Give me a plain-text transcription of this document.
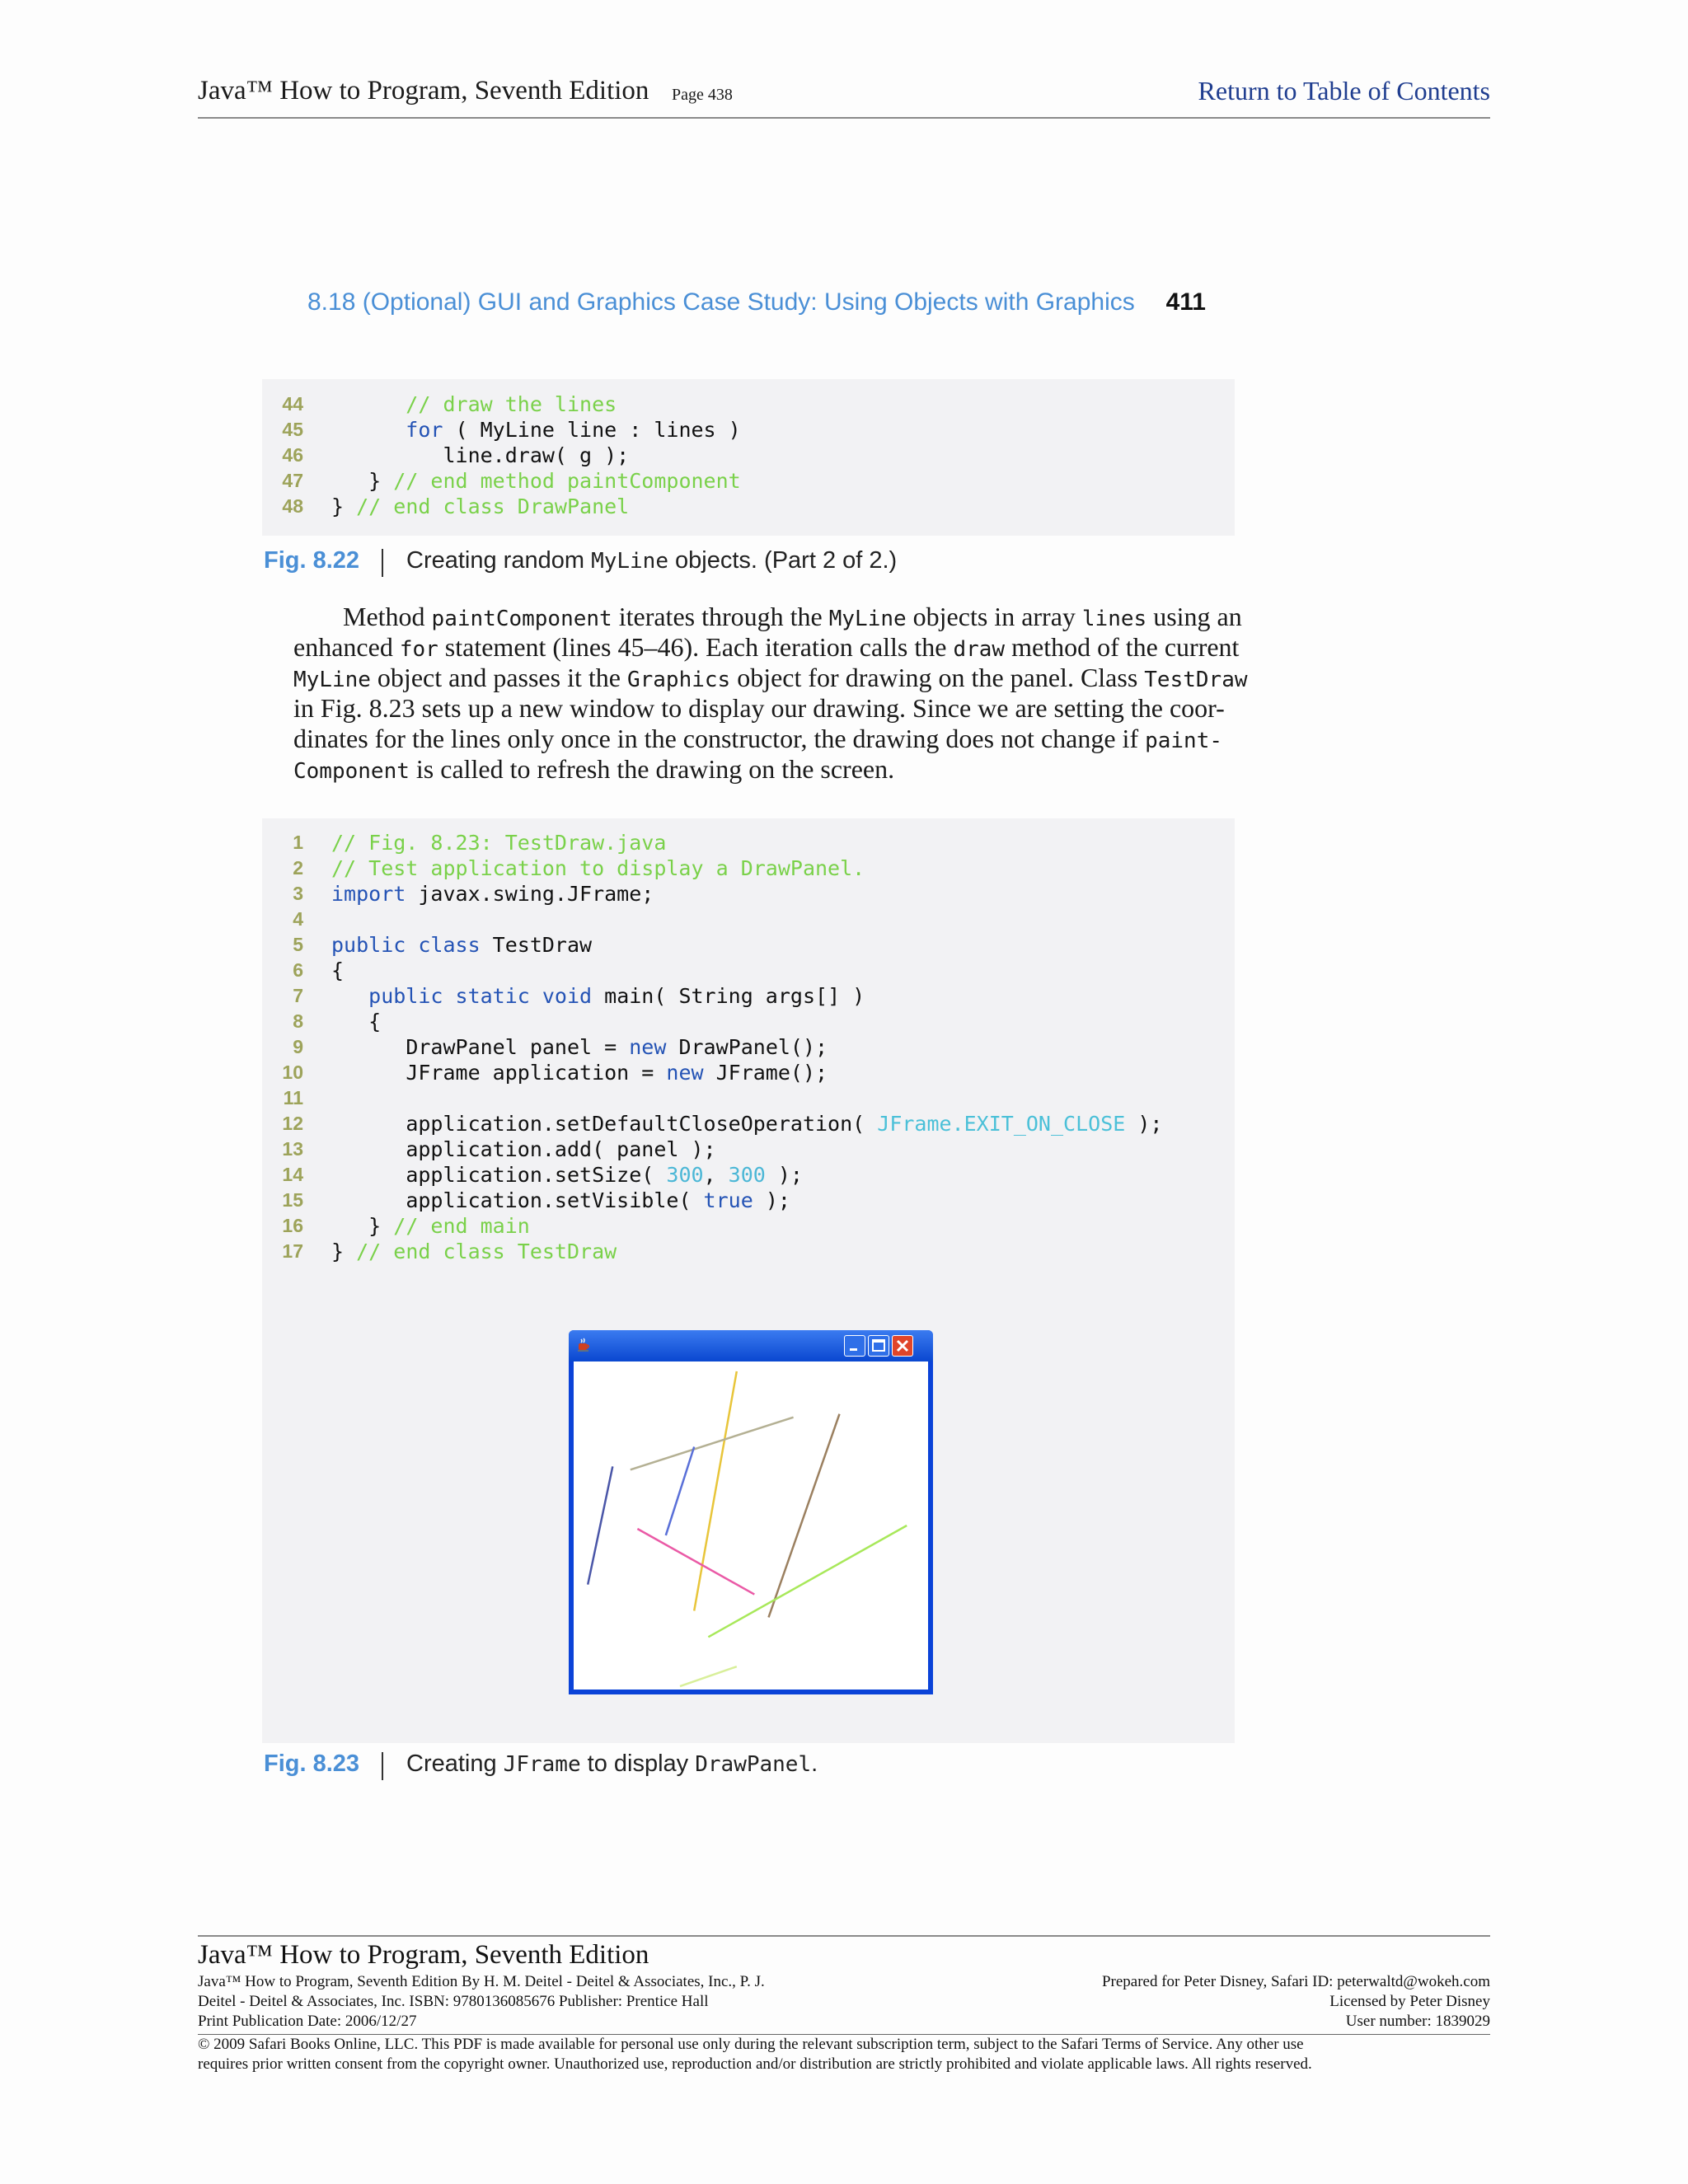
Java™ How to Program, Seventh Edition Page 438	Return to Table of Contents
8.18 (Optional) GUI and Graphics Case Study: Using Objects with Graphics 411
44 // draw the lines
45 for ( MyLine line : lines )
46 line.draw( g );
47 } // end method paintComponent
48 } // end class DrawPanel
Fig. 8.22 Creating random MyLine objects. (Part 2 of 2.)
Method paintComponent iterates through the MyLine objects in array lines using an
enhanced for statement (lines 45–46). Each iteration calls the draw method of the current
MyLine object and passes it the Graphics object for drawing on the panel. Class TestDraw
in Fig. 8.23 sets up a new window to display our drawing. Since we are setting the coor-
dinates for the lines only once in the constructor, the drawing does not change if paint-
Component is called to refresh the drawing on the screen.
1 // Fig. 8.23: TestDraw.java
2 // Test application to display a DrawPanel.
3 import javax.swing.JFrame;
4
5 public class TestDraw
6 {
7	public static void main( String args[] )
8	{
9	DrawPanel panel = new DrawPanel();
10	JFrame application = new JFrame();
11
12	application.setDefaultCloseOperation( JFrame.EXIT_ON_CLOSE );
13	application.add( panel );
14	application.setSize( 300, 300 );
15	application.setVisible( true );
16	} // end main
17 } // end class TestDraw
Fig. 8.23 Creating JFrame to display DrawPanel.
Java™ How to Program, Seventh Edition
Java™ How to Program, Seventh Edition By H. M. Deitel - Deitel & Associates, Inc., P. J.
Deitel - Deitel & Associates, Inc. ISBN: 9780136085676 Publisher: Prentice Hall
Print Publication Date: 2006/12/27
Prepared for Peter Disney, Safari ID: peterwaltd@wokeh.com
Licensed by Peter Disney
User number: 1839029
© 2009 Safari Books Online, LLC. This PDF is made available for personal use only during the relevant subscription term, subject to the Safari Terms of Service. Any other use
requires prior written consent from the copyright owner. Unauthorized use, reproduction and/or distribution are strictly prohibited and violate applicable laws. All rights reserved.
